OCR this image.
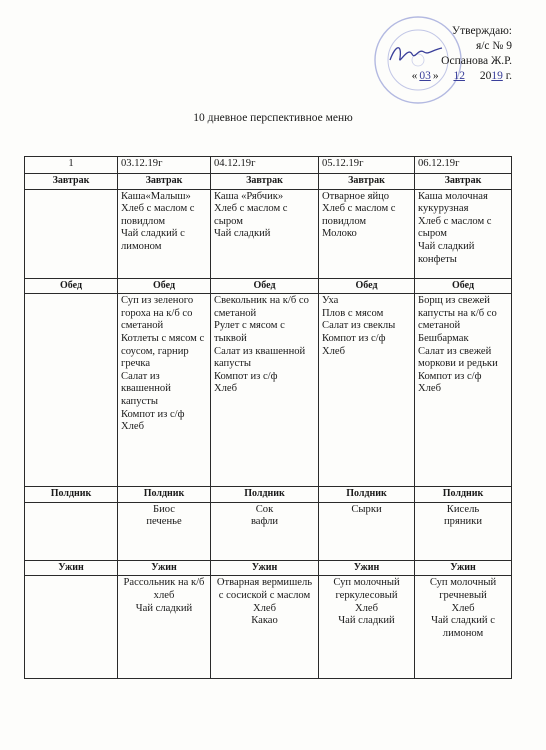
Утверждаю:
я/с № 9
Оспанова Ж.Р.
« 03 » 12 2019 г.
10 дневное перспективное меню
1	03.12.19г	04.12.19г	05.12.19г	06.12.19г
Завтрак	Завтрак	Завтрак	Завтрак	Завтрак

	Каша«Малыш»
Хлеб с маслом с повидлом
Чай сладкий с лимоном	Каша «Рябчик»
Хлеб с маслом с сыром
Чай сладкий	Отварное яйцо
Хлеб с маслом с повидлом
Молоко	Каша молочная кукурузная
Хлеб с маслом с сыром
Чай сладкий
конфеты

Обед	Обед	Обед	Обед	Обед

	Суп из зеленого гороха на к/б со сметаной
Котлеты с мясом с соусом, гарнир гречка
Салат из квашенной капусты
Компот из с/ф
Хлеб	Свекольник на к/б со сметаной
Рулет с мясом с тыквой
Салат из квашенной капусты
Компот из с/ф
Хлеб	Уха
Плов с мясом
Салат из свеклы
Компот из с/ф
Хлеб	Борщ из свежей капусты на к/б со сметаной
Бешбармак
Салат из свежей моркови и редьки
Компот из с/ф
Хлеб

Полдник	Полдник	Полдник	Полдник	Полдник

	Биос
печенье	Сок
вафли	Сырки	Кисель
пряники

Ужин	Ужин	Ужин	Ужин	Ужин

	Рассольник на к/б
хлеб
Чай сладкий	Отварная вермишель с сосиской с маслом
Хлеб
Какао	Суп молочный геркулесовый
Хлеб
Чай сладкий	Суп молочный гречневый
Хлеб
Чай сладкий с лимоном
